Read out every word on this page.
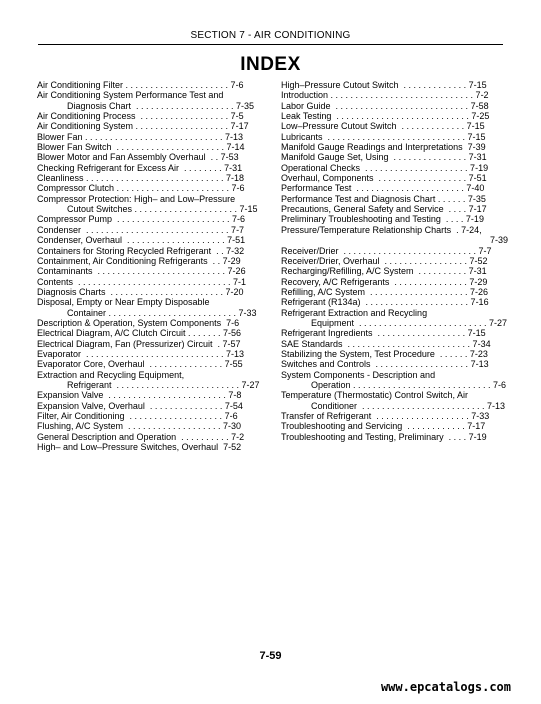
SECTION 7 - AIR CONDITIONING
INDEX
Air Conditioning Filter . . . . . . . . . . . . . . . . . . . . . 7-6
Air Conditioning System Performance Test and
Diagnosis Chart  . . . . . . . . . . . . . . . . . . . . 7-35
Air Conditioning Process  . . . . . . . . . . . . . . . . . . 7-5
Air Conditioning System . . . . . . . . . . . . . . . . . . . 7-17
Blower Fan . . . . . . . . . . . . . . . . . . . . . . . . . . . . 7-13
Blower Fan Switch  . . . . . . . . . . . . . . . . . . . . . . 7-14
Blower Motor and Fan Assembly Overhaul  . . 7-53
Checking Refrigerant for Excess Air  . . . . . . . . 7-31
Cleanliness . . . . . . . . . . . . . . . . . . . . . . . . . . . . 7-18
Compressor Clutch . . . . . . . . . . . . . . . . . . . . . . . 7-6
Compressor Protection: High– and Low–Pressure
Cutout Switches . . . . . . . . . . . . . . . . . . . . . 7-15
Compressor Pump  . . . . . . . . . . . . . . . . . . . . . . . 7-6
Condenser  . . . . . . . . . . . . . . . . . . . . . . . . . . . . . 7-7
Condenser, Overhaul  . . . . . . . . . . . . . . . . . . . . 7-51
Containers for Storing Recycled Refrigerant  . . 7-32
Containment, Air Conditioning Refrigerants  . . 7-29
Contaminants  . . . . . . . . . . . . . . . . . . . . . . . . . . 7-26
Contents  . . . . . . . . . . . . . . . . . . . . . . . . . . . . . . . 7-1
Diagnosis Charts  . . . . . . . . . . . . . . . . . . . . . . . 7-20
Disposal, Empty or Near Empty Disposable
Container . . . . . . . . . . . . . . . . . . . . . . . . . . 7-33
Description & Operation, System Components  7-6
Electrical Diagram, A/C Clutch Circuit . . . . . . . 7-56
Electrical Diagram, Fan (Pressurizer) Circuit  . 7-57
Evaporator  . . . . . . . . . . . . . . . . . . . . . . . . . . . . 7-13
Evaporator Core, Overhaul  . . . . . . . . . . . . . . . 7-55
Extraction and Recycling Equipment,
Refrigerant  . . . . . . . . . . . . . . . . . . . . . . . . . 7-27
Expansion Valve  . . . . . . . . . . . . . . . . . . . . . . . . 7-8
Expansion Valve, Overhaul  . . . . . . . . . . . . . . . 7-54
Filter, Air Conditioning  . . . . . . . . . . . . . . . . . . . 7-6
Flushing, A/C System  . . . . . . . . . . . . . . . . . . . 7-30
General Description and Operation  . . . . . . . . . . 7-2
High– and Low–Pressure Switches, Overhaul  7-52
High–Pressure Cutout Switch  . . . . . . . . . . . . . 7-15
Introduction . . . . . . . . . . . . . . . . . . . . . . . . . . . . . 7-2
Labor Guide  . . . . . . . . . . . . . . . . . . . . . . . . . . . 7-58
Leak Testing  . . . . . . . . . . . . . . . . . . . . . . . . . . . 7-25
Low–Pressure Cutout Switch  . . . . . . . . . . . . . 7-15
Lubricants  . . . . . . . . . . . . . . . . . . . . . . . . . . . . 7-15
Manifold Gauge Readings and Interpretations  7-39
Manifold Gauge Set, Using  . . . . . . . . . . . . . . . 7-31
Operational Checks  . . . . . . . . . . . . . . . . . . . . . 7-19
Overhaul, Components  . . . . . . . . . . . . . . . . . . 7-51
Performance Test  . . . . . . . . . . . . . . . . . . . . . . 7-40
Performance Test and Diagnosis Chart . . . . . . 7-35
Precautions, General Safety and Service  . . . . 7-17
Preliminary Troubleshooting and Testing  . . . . 7-19
Pressure/Temperature Relationship Charts  . 7-24,
7-39
Receiver/Drier  . . . . . . . . . . . . . . . . . . . . . . . . . . . 7-7
Receiver/Drier, Overhaul  . . . . . . . . . . . . . . . . . 7-52
Recharging/Refilling, A/C System  . . . . . . . . . . 7-31
Recovery, A/C Refrigerants  . . . . . . . . . . . . . . . 7-29
Refilling, A/C System  . . . . . . . . . . . . . . . . . . . . 7-26
Refrigerant (R134a)  . . . . . . . . . . . . . . . . . . . . . 7-16
Refrigerant Extraction and Recycling
Equipment  . . . . . . . . . . . . . . . . . . . . . . . . . . 7-27
Refrigerant Ingredients  . . . . . . . . . . . . . . . . . . 7-15
SAE Standards  . . . . . . . . . . . . . . . . . . . . . . . . . 7-34
Stabilizing the System, Test Procedure  . . . . . . 7-23
Switches and Controls  . . . . . . . . . . . . . . . . . . . 7-13
System Components - Description and
Operation . . . . . . . . . . . . . . . . . . . . . . . . . . . . 7-6
Temperature (Thermostatic) Control Switch, Air
Conditioner  . . . . . . . . . . . . . . . . . . . . . . . . . 7-13
Transfer of Refrigerant  . . . . . . . . . . . . . . . . . . . 7-33
Troubleshooting and Servicing  . . . . . . . . . . . . 7-17
Troubleshooting and Testing, Preliminary  . . . . 7-19
7-59
www.epcatalogs.com
